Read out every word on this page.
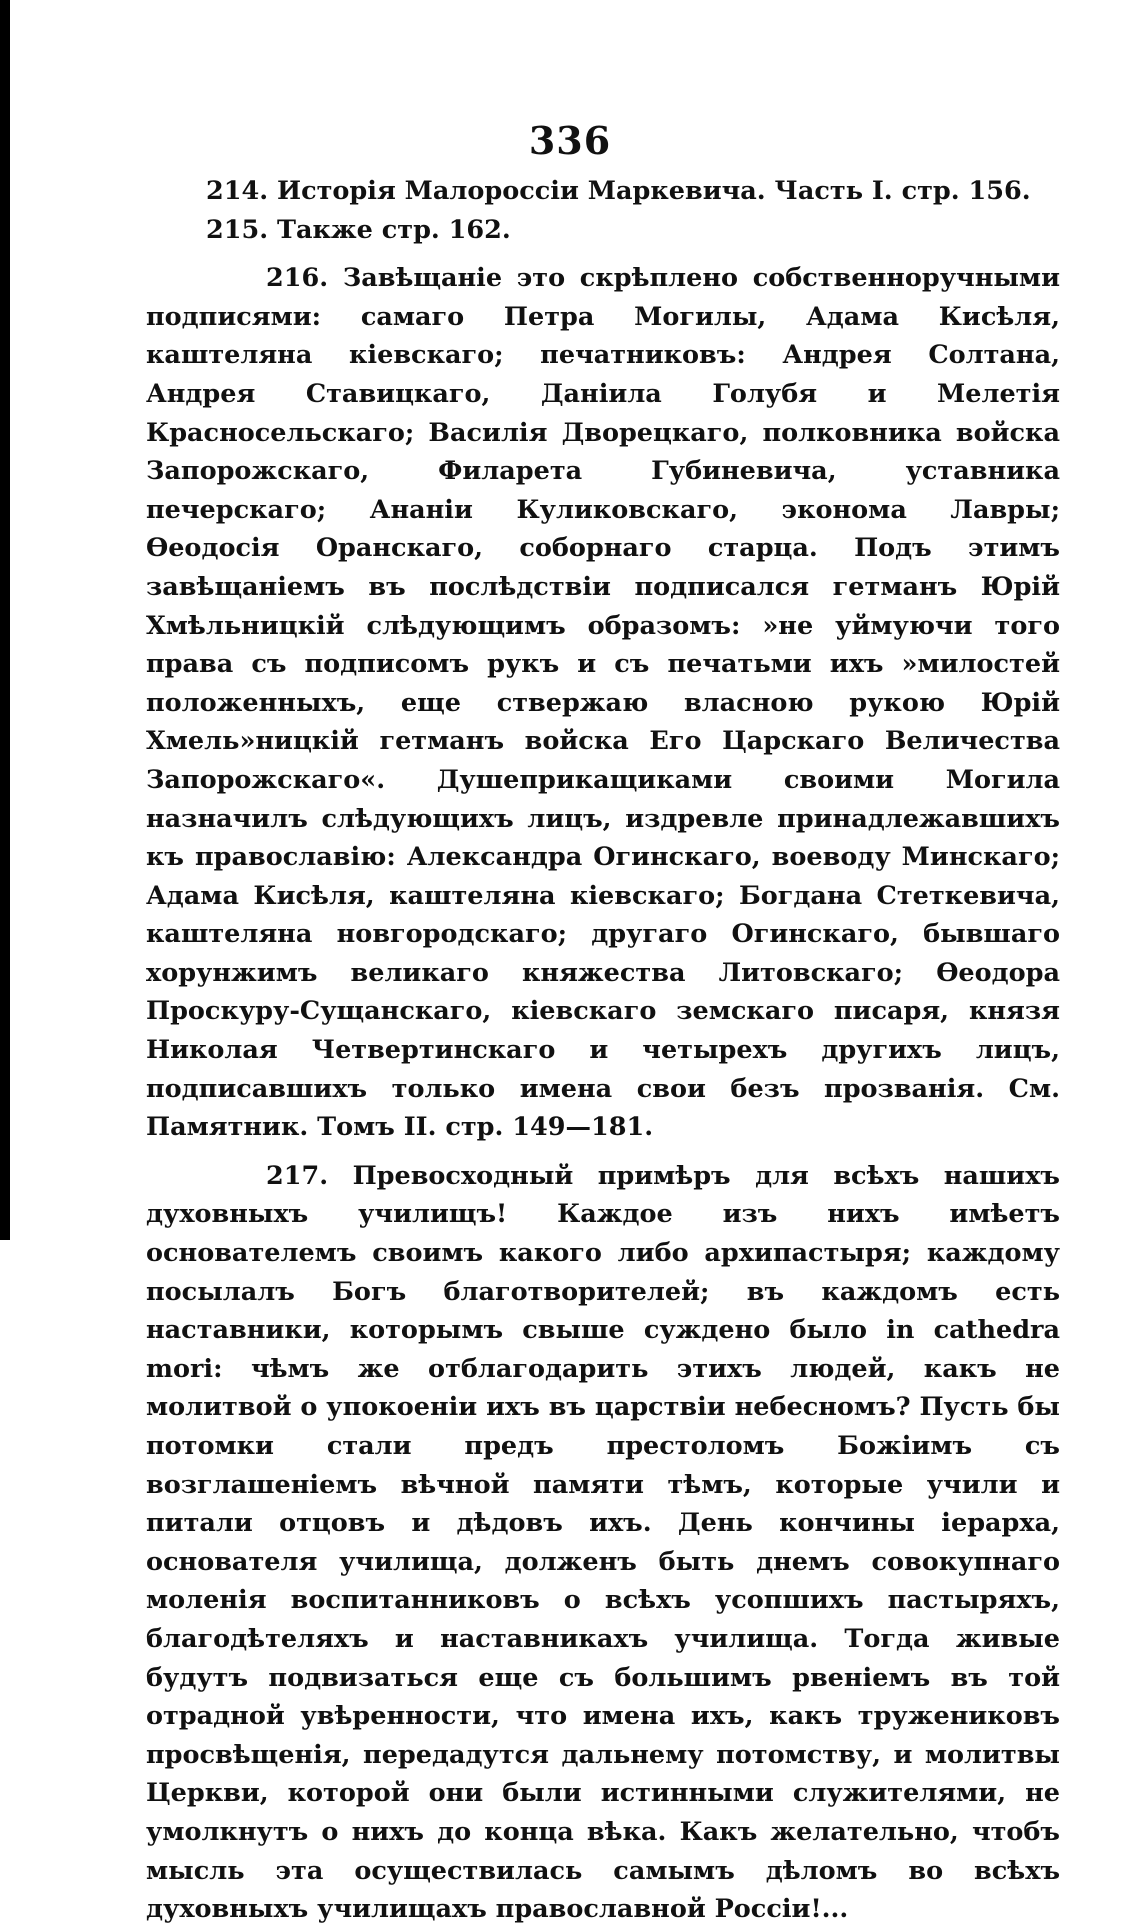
336

214. Исторія Малороссіи Маркевича. Часть I. стр. 156.

215. Также стр. 162.

216. Завѣщаніе это скрѣплено собственноручными подписями: самаго Петра Могилы, Адама Кисѣля, каштеляна кіевскаго; печатниковъ: Андрея Солтана, Андрея Ставицкаго, Даніила Голубя и Мелетія Красносельскаго; Василія Дворецкаго, полковника войска Запорожскаго, Филарета Губиневича, уставника печерскаго; Ананіи Куликовскаго, эконома Лавры; Ѳеодосія Оранскаго, соборнаго старца. Подъ этимъ завѣщаніемъ въ послѣдствіи подписался гетманъ Юрій Хмѣльницкій слѣдующимъ образомъ: »не уймуючи того права съ подписомъ рукъ и съ печатьми ихъ »милостей положенныхъ, еще ствержаю власною рукою Юрій Хмель»ницкій гетманъ войска Его Царскаго Величества Запорожскаго«. Душеприкащиками своими Могила назначилъ слѣдующихъ лицъ, издревле принадлежавшихъ къ православію: Александра Огинскаго, воеводу Минскаго; Адама Кисѣля, каштеляна кіевскаго; Богдана Стеткевича, каштеляна новгородскаго; другаго Огинскаго, бывшаго хорунжимъ великаго княжества Литовскаго; Ѳеодора Проскуру-Сущанскаго, кіевскаго земскаго писаря, князя Николая Четвертинскаго и четырехъ другихъ лицъ, подписавшихъ только имена свои безъ прозванія. См. Памятник. Томъ II. стр. 149—181.

217. Превосходный примѣръ для всѣхъ нашихъ духовныхъ училищъ! Каждое изъ нихъ имѣетъ основателемъ своимъ какого либо архипастыря; каждому посылалъ Богъ благотворителей; въ каждомъ есть наставники, которымъ свыше суждено было in cathedra mori: чѣмъ же отблагодарить этихъ людей, какъ не молитвой о упокоеніи ихъ въ царствіи небесномъ? Пусть бы потомки стали предъ престоломъ Божіимъ съ возглашеніемъ вѣчной памяти тѣмъ, которые учили и питали отцовъ и дѣдовъ ихъ. День кончины іерарха, основателя училища, долженъ быть днемъ совокупнаго моленія воспитанниковъ о всѣхъ усопшихъ пастыряхъ, благодѣтеляхъ и наставникахъ училища. Тогда живые будутъ подвизаться еще съ большимъ рвеніемъ въ той отрадной увѣренности, что имена ихъ, какъ тружениковъ просвѣщенія, передадутся дальнему потомству, и молитвы Церкви, которой они были истинными служителями, не умолкнутъ о нихъ до конца вѣка. Какъ желательно, чтобъ мысль эта осуществилась самымъ дѣломъ во всѣхъ духовныхъ училищахъ православной Россіи!...
